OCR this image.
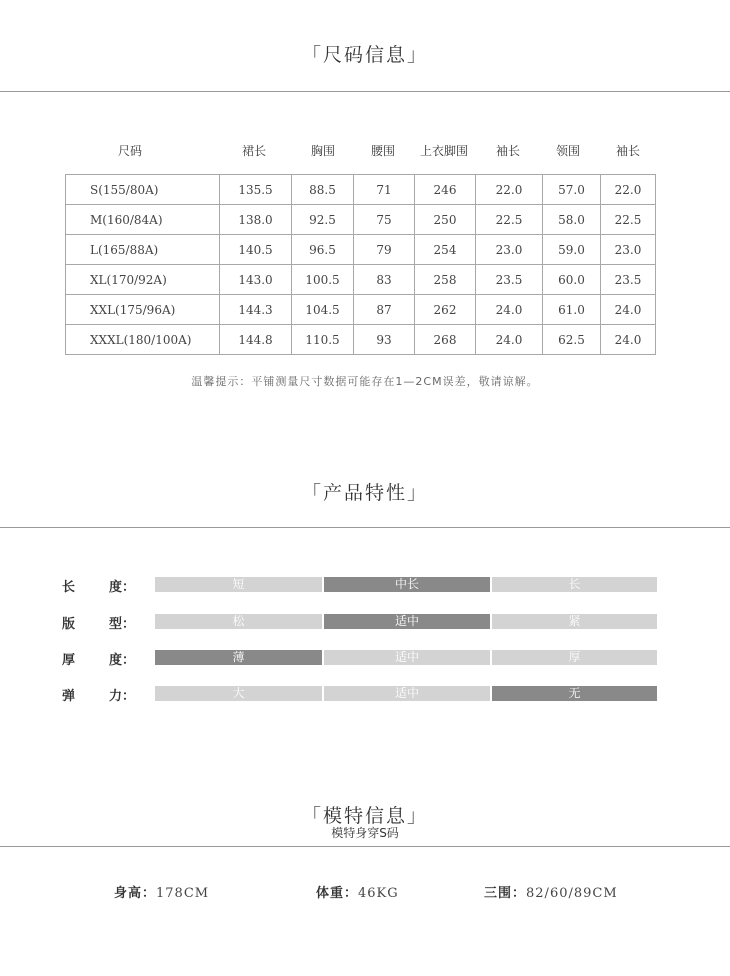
「尺码信息」
尺码	裙长	胸围	腰围 上衣脚围 袖长	领围	袖长
S(155/80A)	135.5	88.5	71	246	22.0	57.0	22.0
M(160/84A)	138.0	92.5	75	250	22.5	58.0	22.5
L(165/88A)	140.5	96.5	79	254	23.0	59.0	23.0
XL(170/92A)	143.0	100.5	83	258	23.5	60.0	23.5
XXL(175/96A)	144.3	104.5	87	262	24.0	61.0	24.0
XXXL(180/100A)	144.8	110.5	93	268	24.0	62.5	24.0
温馨提示：平铺测量尺寸数据可能存在1—2CM误差，敬请谅解。
「产品特性」
长	度：	短	中长	长
版	型：	松	适中	紧
厚	度：	薄	适中	厚
弹	力：	大	适中	无
「模特信息」
模特身穿S码
身高：178CM	体重：46KG	三围：82/60/89CM
